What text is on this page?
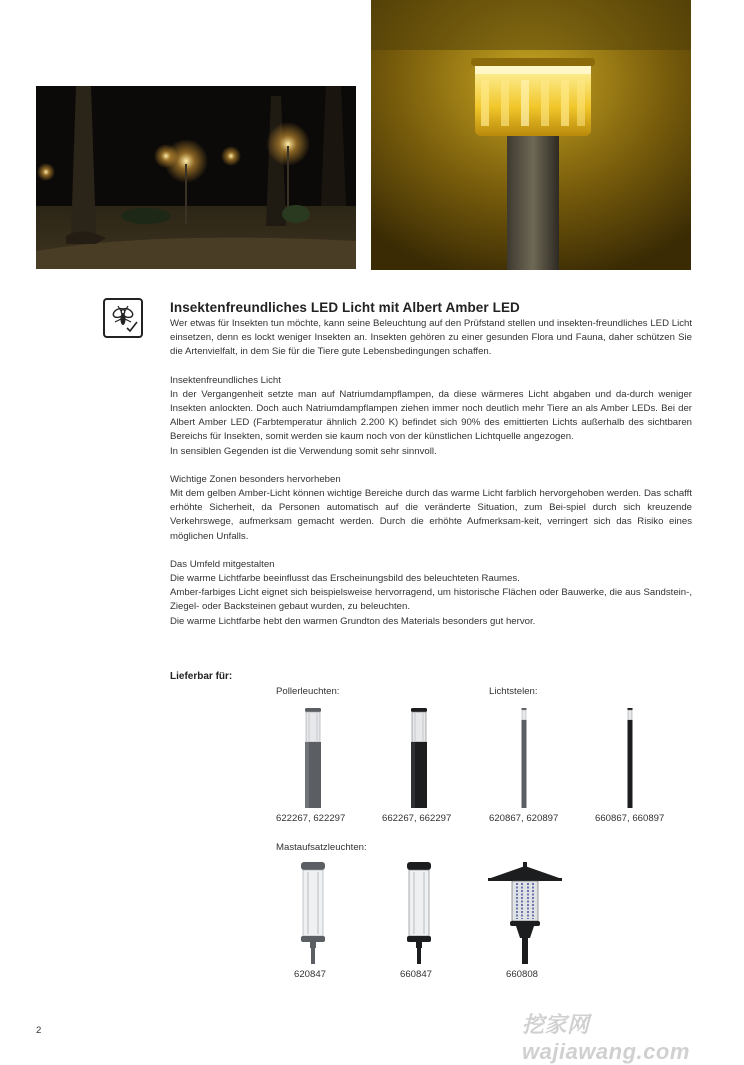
Insektenfreundliches LED Licht mit Albert Amber LED

Wer etwas für Insekten tun möchte, kann seine Beleuchtung auf den Prüfstand stellen und insekten-freundliches LED Licht einsetzen, denn es lockt weniger Insekten an. Insekten gehören zu einer gesunden Flora und Fauna, daher schützen Sie die Artenvielfalt, in dem Sie für die Tiere gute Lebensbedingungen schaffen.

Insektenfreundliches Licht

In der Vergangenheit setzte man auf Natriumdampflampen, da diese wärmeres Licht abgaben und da-durch weniger Insekten anlockten. Doch auch Natriumdampflampen ziehen immer noch deutlich mehr Tiere an als Amber LEDs. Bei der Albert Amber LED (Farbtemperatur ähnlich 2.200 K) befindet sich 90% des emittierten Lichts außerhalb des sichtbaren Bereichs für Insekten, somit werden sie kaum noch von der künstlichen Lichtquelle angezogen.

In sensiblen Gegenden ist die Verwendung somit sehr sinnvoll.

Wichtige Zonen besonders hervorheben

Mit dem gelben Amber-Licht können wichtige Bereiche durch das warme Licht farblich hervorgehoben werden. Das schafft erhöhte Sicherheit, da Personen automatisch auf die veränderte Situation, zum Bei-spiel durch sich kreuzende Verkehrswege, aufmerksam gemacht werden. Durch die erhöhte Aufmerksam-keit, verringert sich das Risiko eines möglichen Unfalls.

Das Umfeld mitgestalten

Die warme Lichtfarbe beeinflusst das Erscheinungsbild des beleuchteten Raumes.

Amber-farbiges Licht eignet sich beispielsweise hervorragend, um historische Flächen oder Bauwerke, die aus Sandstein-, Ziegel- oder Backsteinen gebaut wurden, zu beleuchten.

Die warme Lichtfarbe hebt den warmen Grundton des Materials besonders gut hervor.

Lieferbar für:
Pollerleuchten:	Lichtstelen:
622267, 622297	662267, 662297	620867, 620897	660867, 660897
Mastaufsatzleuchten:
620847	660847	660808
2	挖家网 wajiawang.com
